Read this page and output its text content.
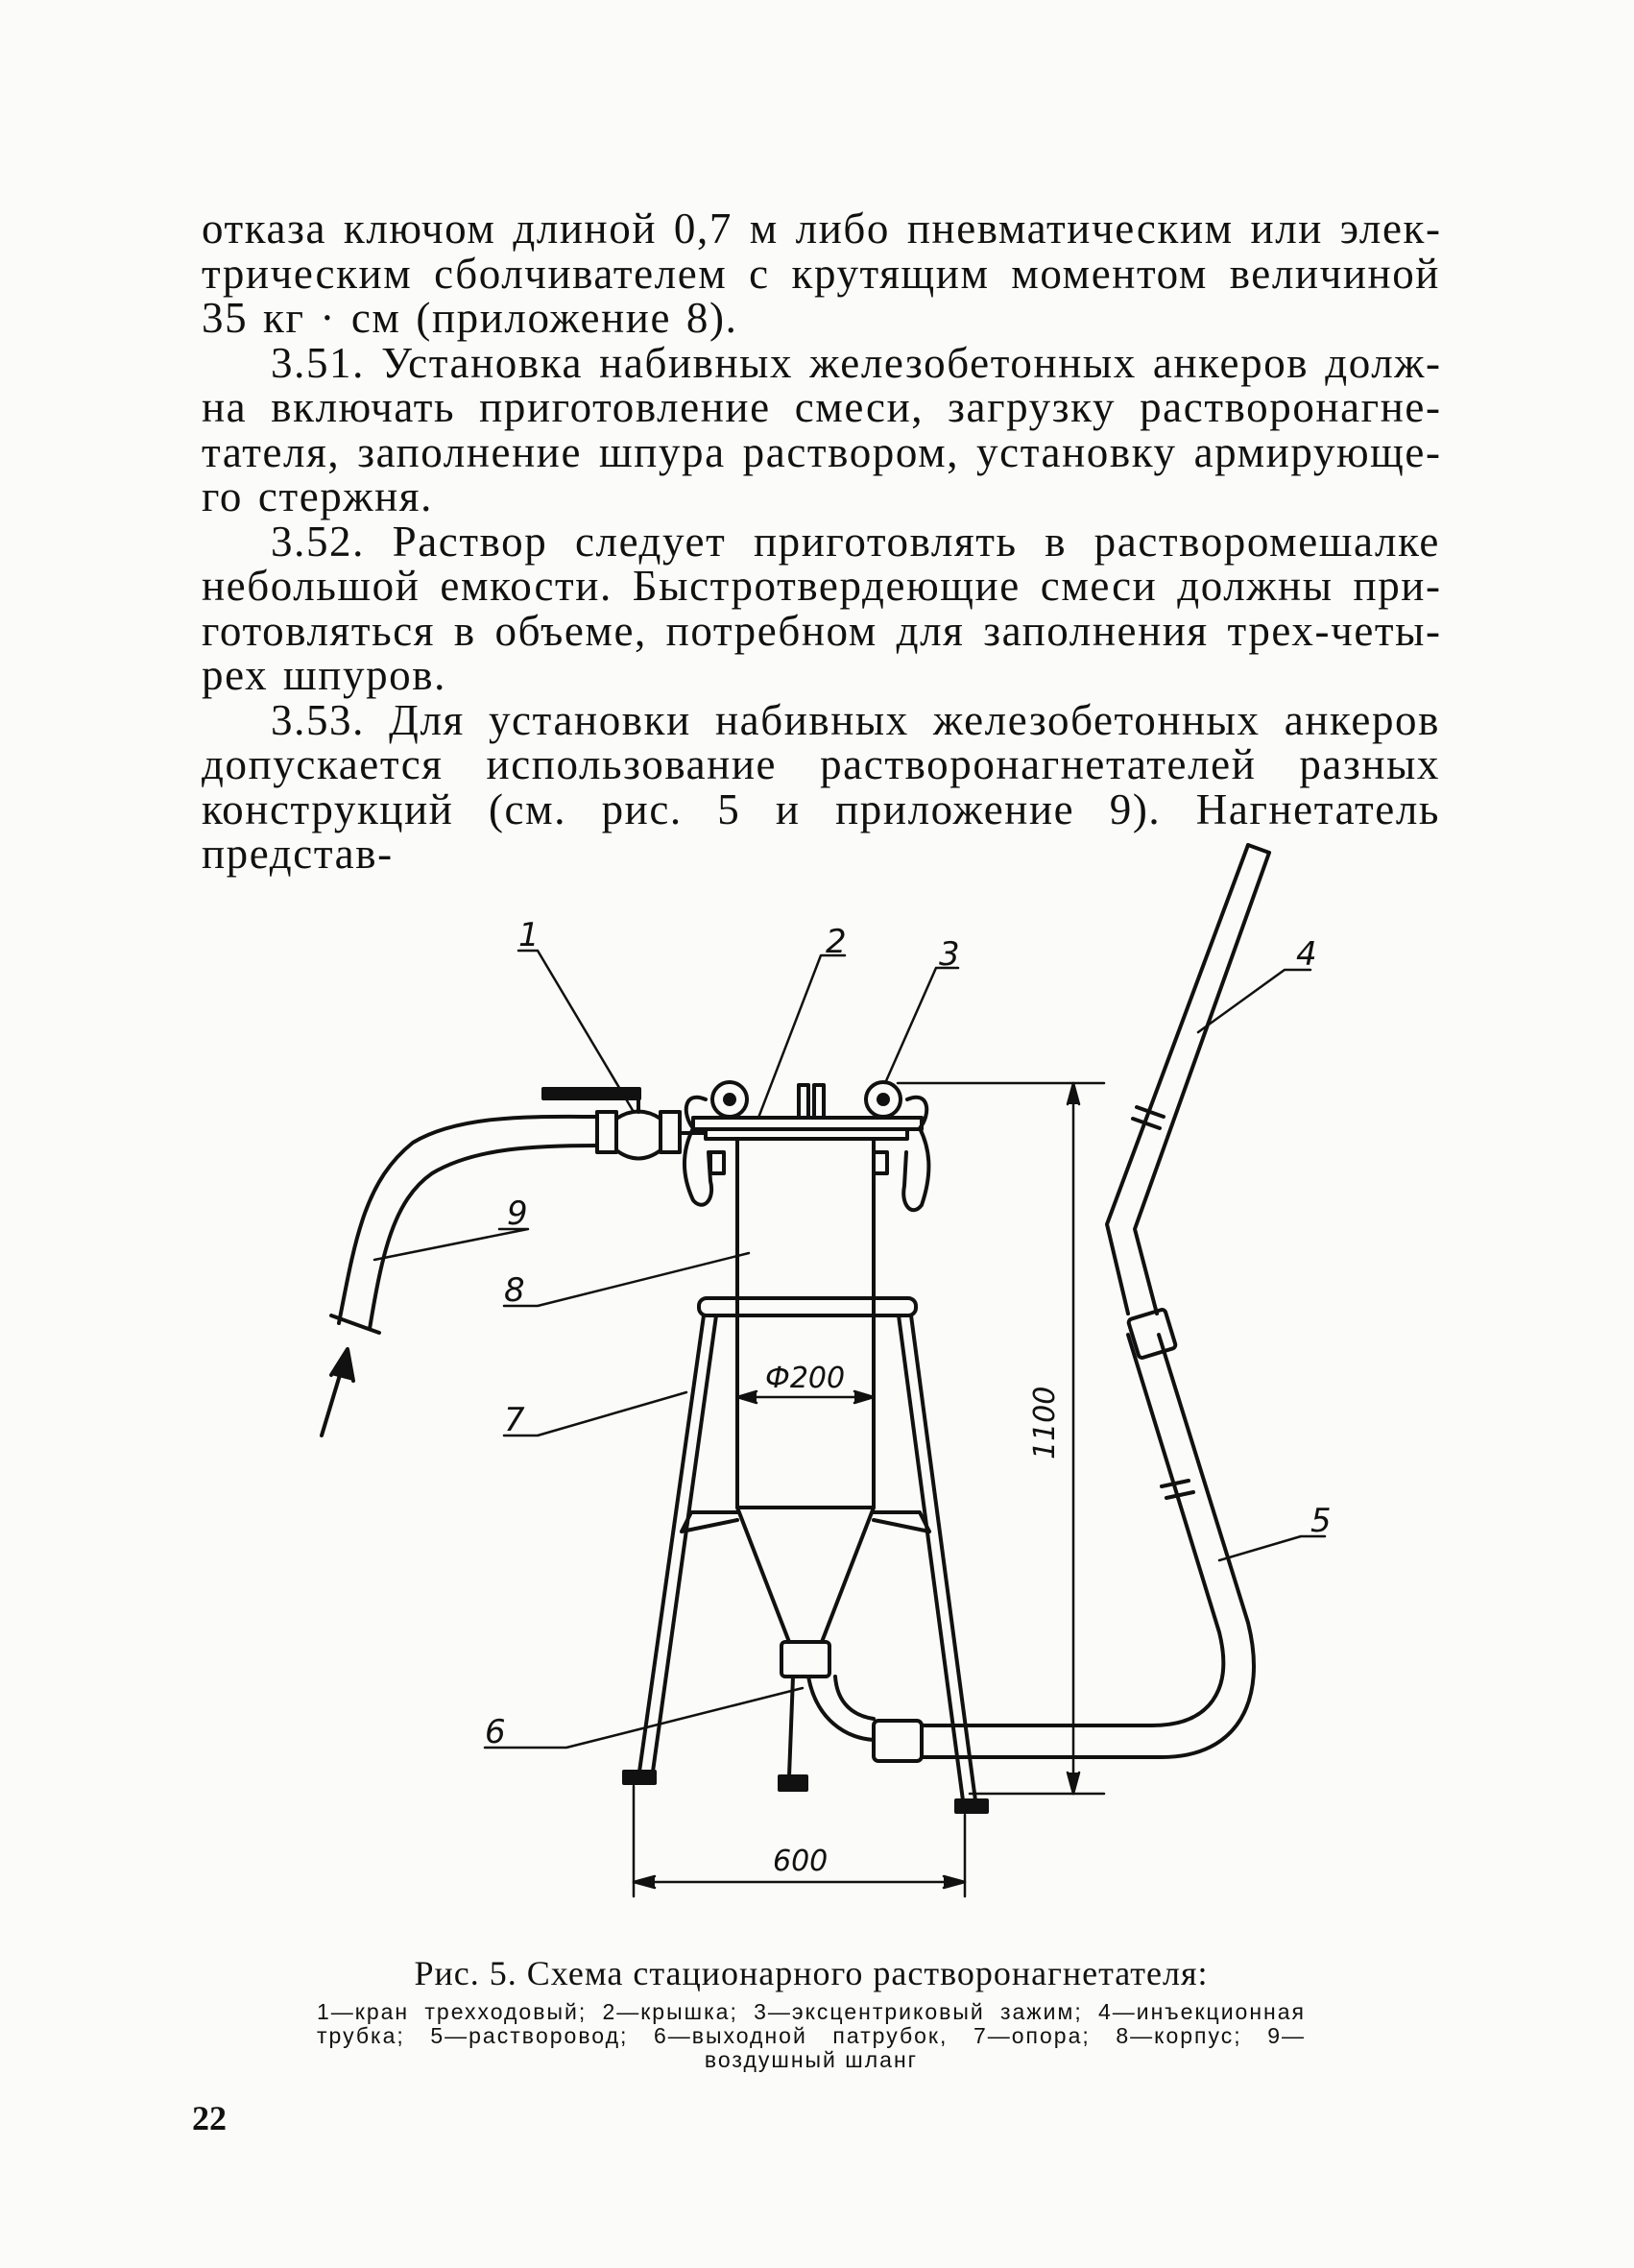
отказа ключом длиной 0,7 м либо пневматическим или электрическим сболчивателем с крутящим моментом величиной 35 кг · см (приложение 8).

3.51. Установка набивных железобетонных анкеров должна включать приготовление смеси, загрузку растворонагнетателя, заполнение шпура раствором, установку армирующего стержня.

3.52. Раствор следует приготовлять в растворомешалке небольшой емкости. Быстротвердеющие смеси должны приготовляться в объеме, потребном для заполнения трех-четырех шпуров.

3.53. Для установки набивных железобетонных анкеров допускается использование растворонагнетателей разных конструкций (см. рис. 5 и приложение 9). Нагнетатель представ-

1	2	3	4
5
6
7
8
9
Ф200
1100
600
Рис. 5. Схема стационарного растворонагнетателя:
1—кран трехходовый; 2—крышка; 3—эксцентриковый зажим; 4—инъекционная трубка; 5—раствopовод; 6—выходной патрубок, 7—опора; 8—корпус; 9—воздушный шланг
22
